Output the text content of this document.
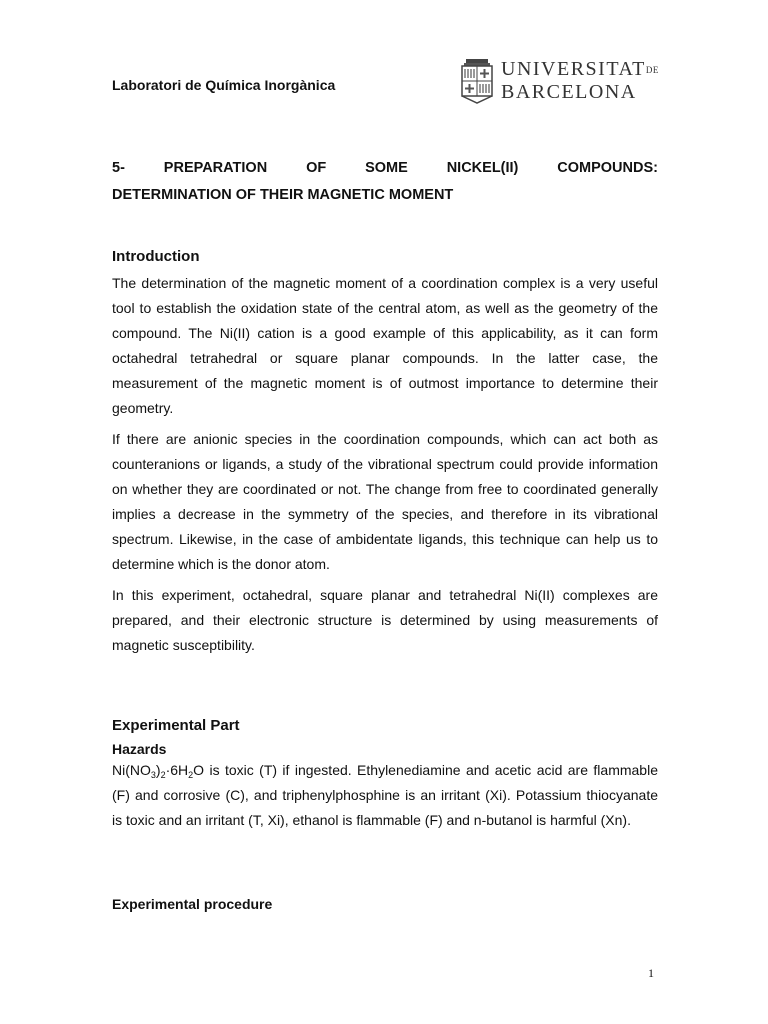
Laboratori de Química Inorgànica

UNIVERSITATDE
BARCELONA
5-	PREPARATION	OF	SOME	NICKEL(II)	COMPOUNDS:
DETERMINATION OF THEIR MAGNETIC MOMENT
Introduction

The determination of the magnetic moment of a coordination complex is a very useful tool to establish the oxidation state of the central atom, as well as the geometry of the compound. The Ni(II) cation is a good example of this applicability, as it can form octahedral tetrahedral or square planar compounds. In the latter case, the measurement of the magnetic moment is of outmost importance to determine their geometry.

If there are anionic species in the coordination compounds, which can act both as counteranions or ligands, a study of the vibrational spectrum could provide information on whether they are coordinated or not. The change from free to coordinated generally implies a decrease in the symmetry of the species, and therefore in its vibrational spectrum. Likewise, in the case of ambidentate ligands, this technique can help us to determine which is the donor atom.

In this experiment, octahedral, square planar and tetrahedral Ni(II) complexes are prepared, and their electronic structure is determined by using measurements of magnetic susceptibility.

Experimental Part
Hazards

$Ni(NO_3)_2\cdot 6H_2O$ is toxic (T) if ingested. Ethylenediamine and acetic acid are flammable (F) and corrosive (C), and triphenylphosphine is an irritant (Xi). Potassium thiocyanate is toxic and an irritant (T, Xi), ethanol is flammable (F) and n-butanol is harmful (Xn).

Experimental procedure

1
